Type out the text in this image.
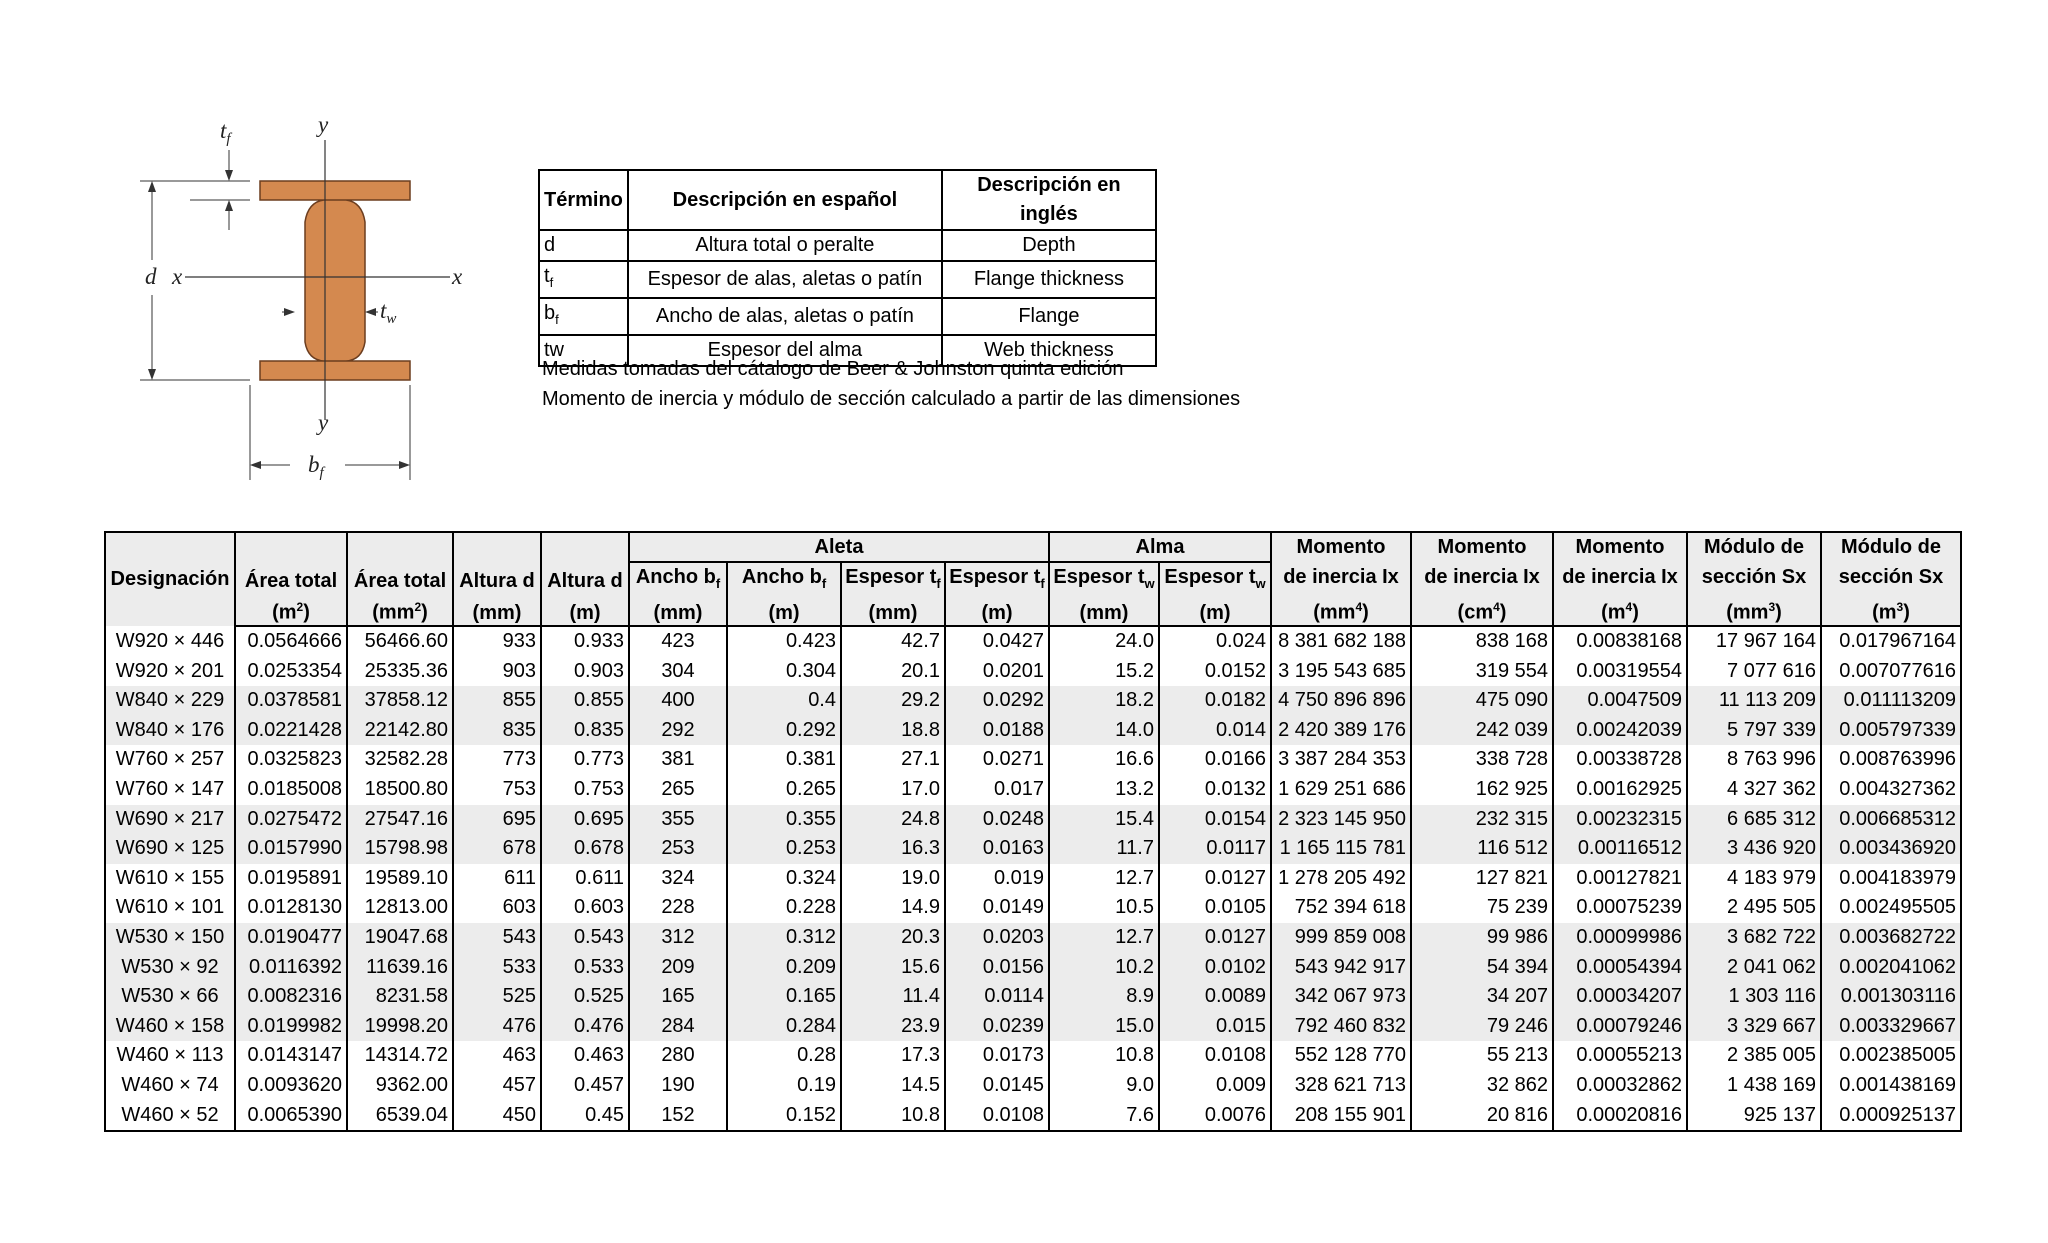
$t_f$
y
y
d x	x
$t_w$
$b_f$
Término	Descripción en español	Descripción en inglés
d	Altura total o peralte	Depth
$t_f$	Espesor de alas, aletas o patín	Flange thickness
$b_f$	Ancho de alas, aletas o patín	Flange
tw	Espesor del alma	Web thickness
Medidas tomadas del cátalogo de Beer & Johnston quinta edición
Momento de inercia y módulo de sección calculado a partir de las dimensiones
Designación	Área total	Área total	Altura d	Altura d	Aleta				Alma		Momento	Momento	Momento	Módulo de	Módulo de
					Ancho $b_f$	Ancho $b_f$	Espesor $t_f$	Espesor $t_f$	Espesor $t_w$	Espesor $t_w$	de inercia Ix	de inercia Ix	de inercia Ix	sección Sx	sección Sx
	$(m^2)$	$(mm^2)$	(mm)	(m)	(mm)	(m)	(mm)	(m)	(mm)	(m)	$(mm^4)$	$(cm^4)$	$(m^4)$	$(mm^3)$	$(m^3)$
W920 × 446	0.0564666	56466.60	933	0.933	423	0.423	42.7	0.0427	24.0	0.024	8 381 682 188	838 168	0.00838168	17 967 164	0.017967164
W920 × 201	0.0253354	25335.36	903	0.903	304	0.304	20.1	0.0201	15.2	0.0152	3 195 543 685	319 554	0.00319554	7 077 616	0.007077616
W840 × 229	0.0378581	37858.12	855	0.855	400	0.4	29.2	0.0292	18.2	0.0182	4 750 896 896	475 090	0.0047509	11 113 209	0.011113209
W840 × 176	0.0221428	22142.80	835	0.835	292	0.292	18.8	0.0188	14.0	0.014	2 420 389 176	242 039	0.00242039	5 797 339	0.005797339
W760 × 257	0.0325823	32582.28	773	0.773	381	0.381	27.1	0.0271	16.6	0.0166	3 387 284 353	338 728	0.00338728	8 763 996	0.008763996
W760 × 147	0.0185008	18500.80	753	0.753	265	0.265	17.0	0.017	13.2	0.0132	1 629 251 686	162 925	0.00162925	4 327 362	0.004327362
W690 × 217	0.0275472	27547.16	695	0.695	355	0.355	24.8	0.0248	15.4	0.0154	2 323 145 950	232 315	0.00232315	6 685 312	0.006685312
W690 × 125	0.0157990	15798.98	678	0.678	253	0.253	16.3	0.0163	11.7	0.0117	1 165 115 781	116 512	0.00116512	3 436 920	0.003436920
W610 × 155	0.0195891	19589.10	611	0.611	324	0.324	19.0	0.019	12.7	0.0127	1 278 205 492	127 821	0.00127821	4 183 979	0.004183979
W610 × 101	0.0128130	12813.00	603	0.603	228	0.228	14.9	0.0149	10.5	0.0105	752 394 618	75 239	0.00075239	2 495 505	0.002495505
W530 × 150	0.0190477	19047.68	543	0.543	312	0.312	20.3	0.0203	12.7	0.0127	999 859 008	99 986	0.00099986	3 682 722	0.003682722
W530 × 92	0.0116392	11639.16	533	0.533	209	0.209	15.6	0.0156	10.2	0.0102	543 942 917	54 394	0.00054394	2 041 062	0.002041062
W530 × 66	0.0082316	8231.58	525	0.525	165	0.165	11.4	0.0114	8.9	0.0089	342 067 973	34 207	0.00034207	1 303 116	0.001303116
W460 × 158	0.0199982	19998.20	476	0.476	284	0.284	23.9	0.0239	15.0	0.015	792 460 832	79 246	0.00079246	3 329 667	0.003329667
W460 × 113	0.0143147	14314.72	463	0.463	280	0.28	17.3	0.0173	10.8	0.0108	552 128 770	55 213	0.00055213	2 385 005	0.002385005
W460 × 74	0.0093620	9362.00	457	0.457	190	0.19	14.5	0.0145	9.0	0.009	328 621 713	32 862	0.00032862	1 438 169	0.001438169
W460 × 52	0.0065390	6539.04	450	0.45	152	0.152	10.8	0.0108	7.6	0.0076	208 155 901	20 816	0.00020816	925 137	0.000925137
